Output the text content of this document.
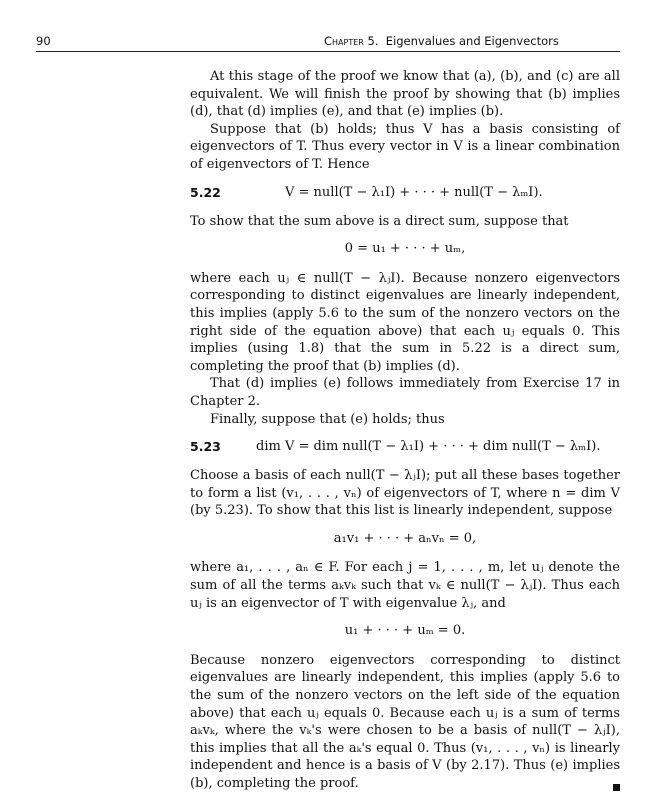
90	Chapter 5. Eigenvalues and Eigenvectors

At this stage of the proof we know that (a), (b), and (c) are all equivalent. We will finish the proof by showing that (b) implies (d), that (d) implies (e), and that (e) implies (b).

Suppose that (b) holds; thus V has a basis consisting of eigenvectors of T. Thus every vector in V is a linear combination of eigenvectors of T. Hence

5.22	V = null(T − λ₁I) + · · · + null(T − λₘI).

To show that the sum above is a direct sum, suppose that

0 = u₁ + · · · + uₘ,

where each uⱼ ∈ null(T − λⱼI). Because nonzero eigenvectors corresponding to distinct eigenvalues are linearly independent, this implies (apply 5.6 to the sum of the nonzero vectors on the right side of the equation above) that each uⱼ equals 0. This implies (using 1.8) that the sum in 5.22 is a direct sum, completing the proof that (b) implies (d).

That (d) implies (e) follows immediately from Exercise 17 in Chapter 2.

Finally, suppose that (e) holds; thus

5.23	dim V = dim null(T − λ₁I) + · · · + dim null(T − λₘI).

Choose a basis of each null(T − λⱼI); put all these bases together to form a list (v₁, . . . , vₙ) of eigenvectors of T, where n = dim V (by 5.23). To show that this list is linearly independent, suppose

a₁v₁ + · · · + aₙvₙ = 0,

where a₁, . . . , aₙ ∈ F. For each j = 1, . . . , m, let uⱼ denote the sum of all the terms aₖvₖ such that vₖ ∈ null(T − λⱼI). Thus each uⱼ is an eigenvector of T with eigenvalue λⱼ, and

u₁ + · · · + uₘ = 0.

Because nonzero eigenvectors corresponding to distinct eigenvalues are linearly independent, this implies (apply 5.6 to the sum of the nonzero vectors on the left side of the equation above) that each uⱼ equals 0. Because each uⱼ is a sum of terms aₖvₖ, where the vₖ's were chosen to be a basis of null(T − λⱼI), this implies that all the aₖ's equal 0. Thus (v₁, . . . , vₙ) is linearly independent and hence is a basis of V (by 2.17). Thus (e) implies (b), completing the proof.
